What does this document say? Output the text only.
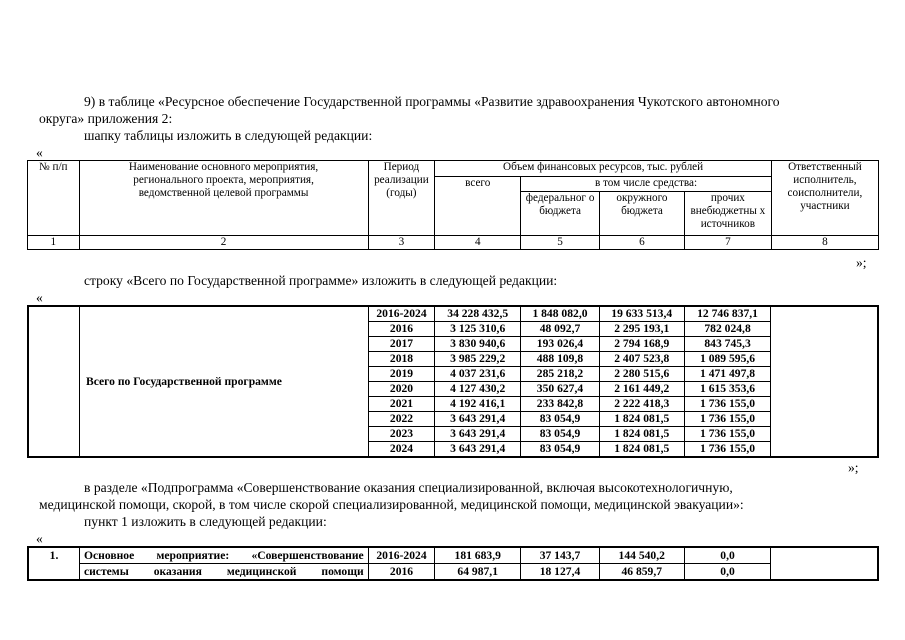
9) в таблице «Ресурсное обеспечение Государственной программы «Развитие здравоохранения Чукотского автономного

округа» приложения 2:

шапку таблицы изложить в следующей редакции:

«
№ п/п	Наименование основного мероприятия, регионального проекта, мероприятия, ведомственной целевой программы	Период реализации (годы)	Объем финансовых ресурсов, тыс. рублей				Ответственный исполнитель, соисполнители, участники
			всего	в том числе средства:			
				федеральног о бюджета	окружного бюджета	прочих внебюджетны х источников	
1	2	3	4	5	6	7	8
»;

строку «Всего по Государственной программе» изложить в следующей редакции:

«
	Всего по Государственной программе	2016-2024	34 228 432,5	1 848 082,0	19 633 513,4	12 746 837,1	
		2016	3 125 310,6	48 092,7	2 295 193,1	782 024,8	
		2017	3 830 940,6	193 026,4	2 794 168,9	843 745,3	
		2018	3 985 229,2	488 109,8	2 407 523,8	1 089 595,6	
		2019	4 037 231,6	285 218,2	2 280 515,6	1 471 497,8	
		2020	4 127 430,2	350 627,4	2 161 449,2	1 615 353,6	
		2021	4 192 416,1	233 842,8	2 222 418,3	1 736 155,0	
		2022	3 643 291,4	83 054,9	1 824 081,5	1 736 155,0	
		2023	3 643 291,4	83 054,9	1 824 081,5	1 736 155,0	
		2024	3 643 291,4	83 054,9	1 824 081,5	1 736 155,0	
»;

в разделе «Подпрограмма «Совершенствование оказания специализированной, включая высокотехнологичную,

медицинской помощи, скорой, в том числе скорой специализированной, медицинской помощи, медицинской эвакуации»:

пункт 1 изложить в следующей редакции:

«
1.	Основное мероприятие: «Совершенствование	2016-2024	181 683,9	37 143,7	144 540,2	0,0	
	системы оказания медицинской помощи	2016	64 987,1	18 127,4	46 859,7	0,0	
